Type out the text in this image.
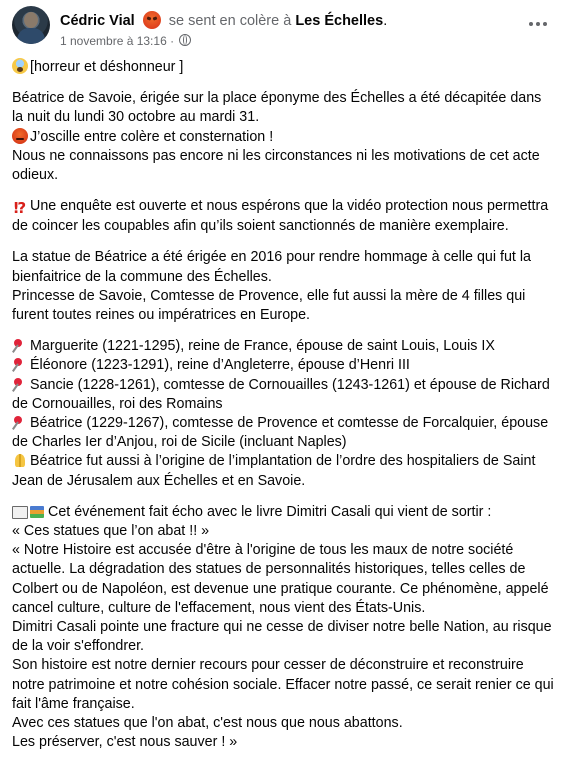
Cédric Vial se sent en colère à Les Échelles.
1 novembre à 13:16 ·
[horreur et déshonneur ]
Béatrice de Savoie, érigée sur la place éponyme des Échelles a été décapitée dans la nuit du lundi 30 octobre au mardi 31.
J’oscille entre colère et consternation !
Nous ne connaissons pas encore ni les circonstances ni les motivations de cet acte odieux.
⁉ Une enquête est ouverte et nous espérons que la vidéo protection nous permettra de coincer les coupables afin qu’ils soient sanctionnés de manière exemplaire.
La statue de Béatrice a été érigée en 2016 pour rendre hommage à celle qui fut la bienfaitrice de la commune des Échelles.
Princesse de Savoie, Comtesse de Provence, elle fut aussi la mère de 4 filles qui furent toutes reines ou impératrices en Europe.
Marguerite (1221-1295), reine de France, épouse de saint Louis, Louis IX
Éléonore (1223-1291), reine d’Angleterre, épouse d’Henri III
Sancie (1228-1261), comtesse de Cornouailles (1243-1261) et épouse de Richard de Cornouailles, roi des Romains
Béatrice (1229-1267), comtesse de Provence et comtesse de Forcalquier, épouse de Charles Ier d’Anjou, roi de Sicile (incluant Naples)
Béatrice fut aussi à l’origine de l’implantation de l’ordre des hospitaliers de Saint Jean de Jérusalem aux Échelles et en Savoie.
Cet événement fait écho avec le livre Dimitri Casali qui vient de sortir :
« Ces statues que l’on abat !! »
« Notre Histoire est accusée d'être à l'origine de tous les maux de notre société actuelle. La dégradation des statues de personnalités historiques, telles celles de Colbert ou de Napoléon, est devenue une pratique courante. Ce phénomène, appelé cancel culture, culture de l'effacement, nous vient des États-Unis.
Dimitri Casali pointe une fracture qui ne cesse de diviser notre belle Nation, au risque de la voir s'effondrer.
Son histoire est notre dernier recours pour cesser de déconstruire et reconstruire notre patrimoine et notre cohésion sociale. Effacer notre passé, ce serait renier ce qui fait l'âme française.
Avec ces statues que l'on abat, c'est nous que nous abattons.
Les préserver, c'est nous sauver ! »
